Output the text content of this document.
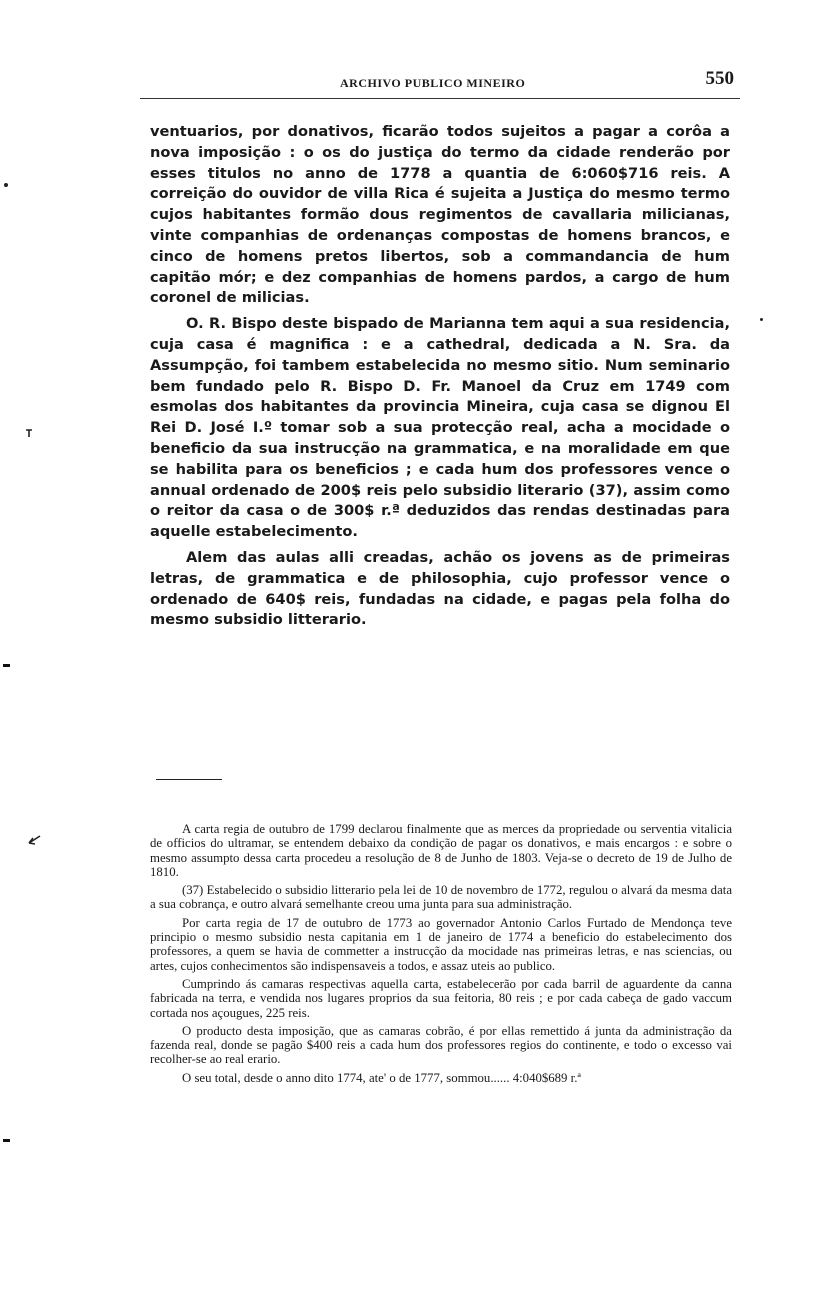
ARCHIVO PUBLICO MINEIRO	550

ventuarios, por donativos, ficarão todos sujeitos a pagar a corôa a nova imposição : o os do justiça do termo da cidade renderão por esses titulos no anno de 1778 a quantia de 6:060$716 reis. A correição do ouvidor de villa Rica é sujeita a Justiça do mesmo termo cujos habitantes formão dous regimentos de cavallaria milicianas, vinte companhias de ordenanças compostas de homens brancos, e cinco de homens pretos libertos, sob a commandancia de hum capitão mór; e dez companhias de homens pardos, a cargo de hum coronel de milicias.

O. R. Bispo deste bispado de Marianna tem aqui a sua residencia, cuja casa é magnifica : e a cathedral, dedicada a N. Sra. da Assumpção, foi tambem estabelecida no mesmo sitio. Num seminario bem fundado pelo R. Bispo D. Fr. Manoel da Cruz em 1749 com esmolas dos habitantes da provincia Mineira, cuja casa se dignou El Rei D. José I.º tomar sob a sua protecção real, acha a mocidade o beneficio da sua instrucção na grammatica, e na moralidade em que se habilita para os beneficios ; e cada hum dos professores vence o annual ordenado de 200$ reis pelo subsidio literario (37), assim como o reitor da casa o de 300$ r.ª deduzidos das rendas destinadas para aquelle estabelecimento.

Alem das aulas alli creadas, achão os jovens as de primeiras letras, de grammatica e de philosophia, cujo professor vence o ordenado de 640$ reis, fundadas na cidade, e pagas pela folha do mesmo subsidio litterario.

A carta regia de outubro de 1799 declarou finalmente que as merces da propriedade ou serventia vitalicia de officios do ultramar, se entendem debaixo da condição de pagar os donativos, e mais encargos : e sobre o mesmo assumpto dessa carta procedeu a resolução de 8 de Junho de 1803. Veja-se o decreto de 19 de Julho de 1810.

(37) Estabelecido o subsidio litterario pela lei de 10 de novembro de 1772, regulou o alvará da mesma data a sua cobrança, e outro alvará semelhante creou uma junta para sua administração.

Por carta regia de 17 de outubro de 1773 ao governador Antonio Carlos Furtado de Mendonça teve principio o mesmo subsidio nesta capitania em 1 de janeiro de 1774 a beneficio do estabelecimento dos professores, a quem se havia de commetter a instrucção da mocidade nas primeiras letras, e nas sciencias, ou artes, cujos conhecimentos são indispensaveis a todos, e assaz uteis ao publico.

Cumprindo ás camaras respectivas aquella carta, estabelecerão por cada barril de aguardente da canna fabricada na terra, e vendida nos lugares proprios da sua feitoria, 80 reis ; e por cada cabeça de gado vaccum cortada nos açougues, 225 reis.

O producto desta imposição, que as camaras cobrão, é por ellas remettido á junta da administração da fazenda real, donde se pagão $400 reis a cada hum dos professores regios do continente, e todo o excesso vai recolher-se ao real erario.

O seu total, desde o anno dito 1774, ate' o de 1777, sommou...... 4:040$689 r.ª
